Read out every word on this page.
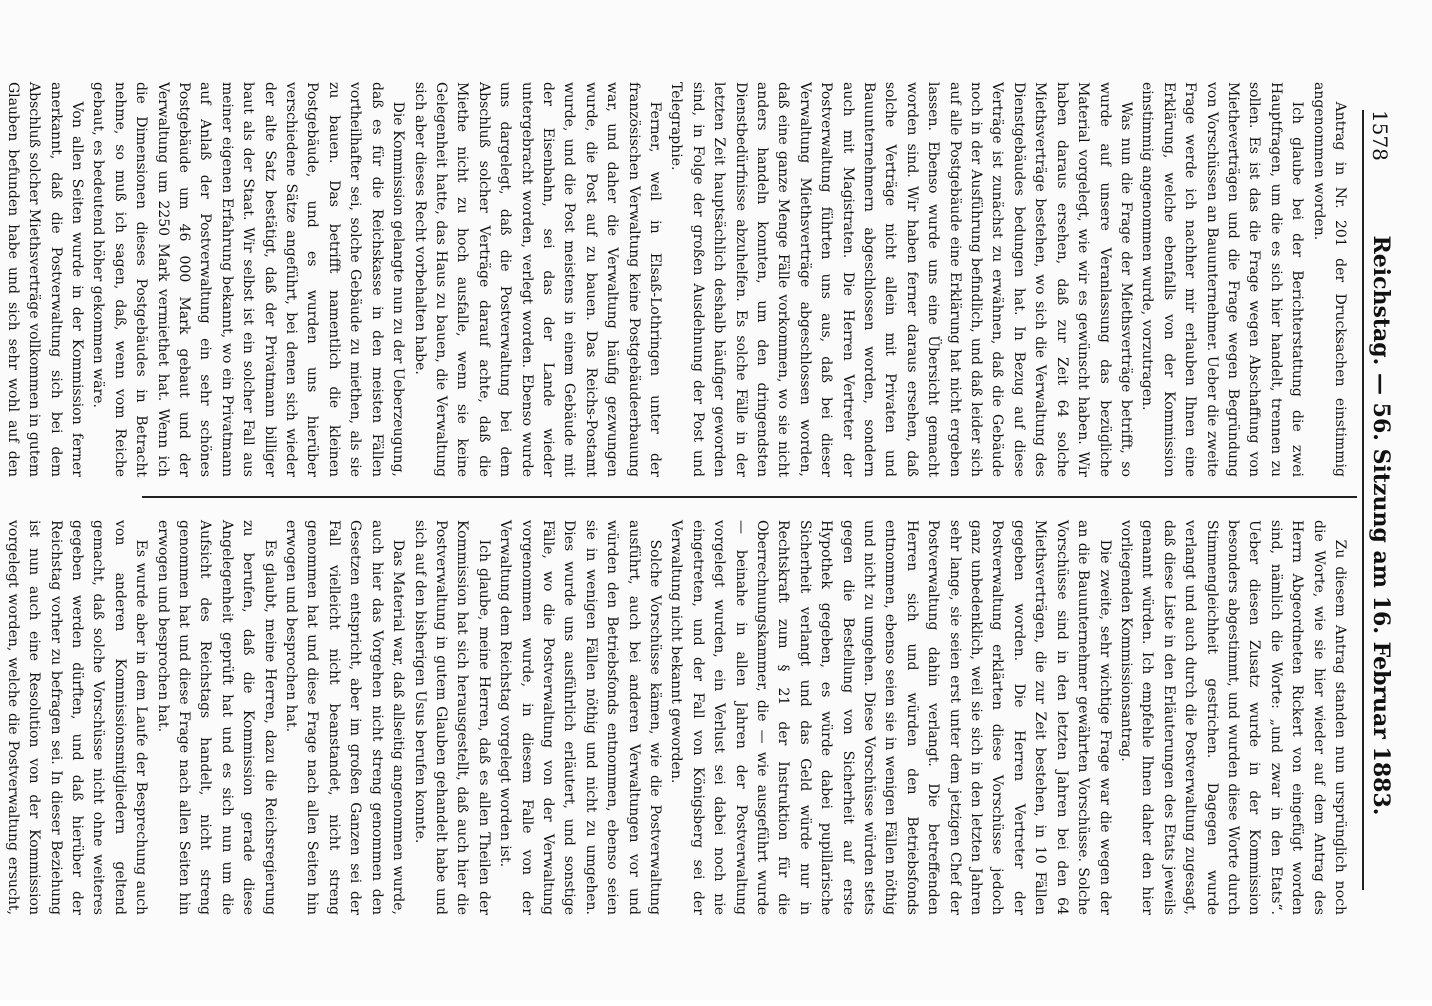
1578
Reichstag. — 56. Sitzung am 16. Februar 1883.

Antrag in Nr. 201 der Drucksachen einstimmig angenommen worden.

Ich glaube bei der Berichterstattung die zwei Hauptfragen, um die es sich hier handelt, trennen zu sollen. Es ist das die Frage wegen Abschaffung von Mietheverträgen und die Frage wegen Begründung von Vorschüssen an Bauunternehmer. Ueber die zweite Frage werde ich nachher mir erlauben Ihnen eine Erklärung, welche ebenfalls von der Kommission einstimmig angenommen wurde, vorzutragen.

Was nun die Frage der Miethsverträge betrifft, so wurde auf unsere Veranlassung das bezügliche Material vorgelegt, wie wir es gewünscht haben. Wir haben daraus ersehen, daß zur Zeit 64 solche Miethsverträge bestehen, wo sich die Verwaltung des Dienstgebäudes bedungen hat. In Bezug auf diese Verträge ist zunächst zu erwähnen, daß die Gebäude noch in der Ausführung befindlich, und daß leider sich auf alle Postgebäude eine Erklärung hat nicht ergeben lassen. Ebenso wurde uns eine Übersicht gemacht worden sind. Wir haben ferner daraus ersehen, daß solche Verträge nicht allein mit Privaten und Bauunternehmern abgeschlossen worden, sondern auch mit Magistraten. Die Herren Vertreter der Postverwaltung führten uns aus, daß bei dieser Verwaltung Miethsverträge abgeschlossen worden, daß eine ganze Menge Fälle vorkommen, wo sie nicht anders handeln konnten, um den dringendsten Dienstbedürfnisse abzuhelfen. Es solche Fälle in der letzten Zeit hauptsächlich deshalb häufiger geworden sind, in Folge der großen Ausdehnung der Post und Telegraphie.

Ferner, weil in Elsaß-Lothringen unter der französischen Verwaltung keine Postgebäudeerbauung war, und daher die Verwaltung häufig gezwungen wurde, die Post auf zu bauen. Das Reichs-Postamt wurde, und die Post meistens in einem Gebäude mit der Eisenbahn, sei das der Lande wieder untergebracht worden, verlegt worden. Ebenso wurde uns dargelegt, daß die Postverwaltung bei dem Abschluß solcher Verträge darauf achte, daß die Miethe nicht zu hoch ausfalle, wenn sie keine Gelegenheit hatte, das Haus zu bauen, die Verwaltung sich aber dieses Recht vorbehalten habe.

Die Kommission gelangte nun zu der Ueberzeugung, daß es für die Reichskasse in den meisten Fällen vortheilhafter sei, solche Gebäude zu miethen, als sie zu bauen. Das betrifft namentlich die kleinen Postgebäude, und es wurden uns hierüber verschiedene Sätze angeführt, bei denen sich wieder der alte Satz bestätigt, daß der Privatmann billiger baut als der Staat. Wir selbst ist ein solcher Fall aus meiner eigenen Erfahrung bekannt, wo ein Privatmann auf Anlaß der Postverwaltung ein sehr schönes Postgebäude um 46 000 Mark gebaut und der Verwaltung um 2250 Mark vermiethet hat. Wenn ich die Dimensionen dieses Postgebäudes in Betracht nehme, so muß ich sagen, daß, wenn vom Reiche gebaut, es bedeutend höher gekommen wäre.

Von allen Seiten wurde in der Kommission ferner anerkannt, daß die Postverwaltung sich bei dem Abschluß solcher Miethsverträge vollkommen in gutem Glauben befunden habe und sich sehr wohl auf den

Zu diesem Antrag standen nun ursprünglich noch die Worte, wie sie hier wieder auf dem Antrag des Herrn Abgeordneten Rickert von eingefügt worden sind, nämlich die Worte: „und zwar in den Etats“. Ueber diesen Zusatz wurde in der Kommission besonders abgestimmt, und wurden diese Worte durch Stimmengleichheit gestrichen. Dagegen wurde verlangt und auch durch die Postverwaltung zugesagt, daß diese Liste in den Erläuterungen des Etats jeweils genannt würden. Ich empfehle Ihnen daher den hier vorliegenden Kommissionsantrag.

Die zweite, sehr wichtige Frage war die wegen der an die Bauunternehmer gewährten Vorschüsse. Solche Vorschüsse sind in den letzten Jahren bei den 64 Miethsverträgen, die zur Zeit bestehen, in 10 Fällen gegeben worden. Die Herren Vertreter der Postverwaltung erklärten diese Vorschüsse jedoch ganz unbedenklich, weil sie sich in den letzten Jahren sehr lange, sie seien erst unter dem jetzigen Chef der Postverwaltung dahin verlangt. Die betreffenden Herren sich und würden den Betriebsfonds entnommen, ebenso seien sie in wenigen Fällen nöthig und nicht zu umgehen. Diese Vorschüsse würden stets gegen die Bestellung von Sicherheit auf erste Hypothek gegeben, es würde dabei pupillarische Sicherheit verlangt und das Geld würde nur in Rechtskraft zum § 21 der Instruktion für die Oberrechnungskammer, die — wie ausgeführt wurde — beinahe in allen Jahren der Postverwaltung vorgelegt wurden, ein Verlust sei dabei noch nie eingetreten, und der Fall von Königsberg sei der Verwaltung nicht bekannt geworden.

Solche Vorschüsse kämen, wie die Postverwaltung ausführt, auch bei anderen Verwaltungen vor und würden den Betriebsfonds entnommen, ebenso seien sie in wenigen Fällen nöthig und nicht zu umgehen. Dies wurde uns ausführlich erläutert, und sonstige Fälle, wo die Postverwaltung von der Verwaltung vorgenommen wurde, in diesem Falle von der Verwaltung dem Reichstag vorgelegt worden ist.

Ich glaube, meine Herren, daß es allen Theilen der Kommission hat sich herausgestellt, daß auch hier die Postverwaltung in gutem Glauben gehandelt habe und sich auf den bisherigen Usus berufen konnte.

Das Material war, daß allseitig angenommen wurde, auch hier das Vorgehen nicht streng genommen den Gesetzen entspricht, aber im großen Ganzen sei der Fall vielleicht nicht beanstandet, nicht streng genommen hat und diese Frage nach allen Seiten hin erwogen und besprochen hat.

Es glaubt, meine Herren, dazu die Reichsregierung zu berufen, daß die Kommission gerade diese Angelegenheit geprüft hat und es sich nun um die Aufsicht des Reichstags handelt, nicht streng genommen hat und diese Frage nach allen Seiten hin erwogen und besprochen hat.

Es wurde aber in dem Laufe der Besprechung auch von anderen Kommissionsmitgliedern geltend gemacht, daß solche Vorschüsse nicht ohne weiteres gegeben werden dürften, und daß hierüber der Reichstag vorher zu befragen sei. In dieser Beziehung ist nun auch eine Resolution von der Kommission vorgelegt worden, welche die Postverwaltung ersucht,
